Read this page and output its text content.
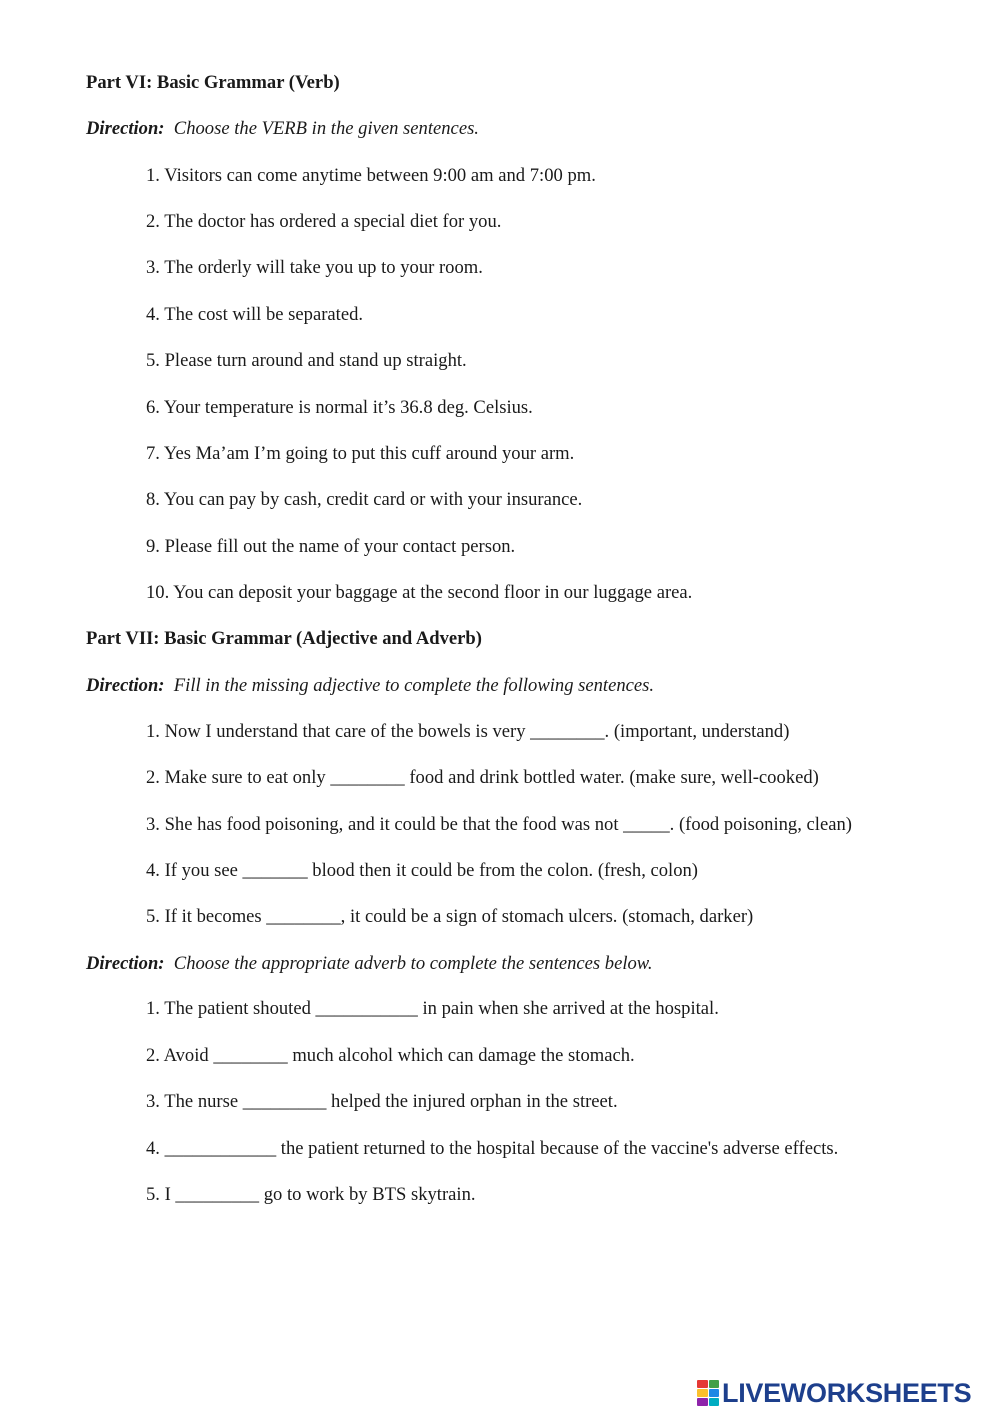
Part VI: Basic Grammar (Verb)
Direction: Choose the VERB in the given sentences.
1. Visitors can come anytime between 9:00 am and 7:00 pm.
2. The doctor has ordered a special diet for you.
3. The orderly will take you up to your room.
4. The cost will be separated.
5. Please turn around and stand up straight.
6. Your temperature is normal it’s 36.8 deg. Celsius.
7. Yes Ma’am I’m going to put this cuff around your arm.
8. You can pay by cash, credit card or with your insurance.
9. Please fill out the name of your contact person.
10. You can deposit your baggage at the second floor in our luggage area.
Part VII: Basic Grammar (Adjective and Adverb)
Direction: Fill in the missing adjective to complete the following sentences.
1. Now I understand that care of the bowels is very ________. (important, understand)
2. Make sure to eat only ________ food and drink bottled water. (make sure, well-cooked)
3. She has food poisoning, and it could be that the food was not _____. (food poisoning, clean)
4. If you see _______ blood then it could be from the colon. (fresh, colon)
5. If it becomes ________, it could be a sign of stomach ulcers. (stomach, darker)
Direction: Choose the appropriate adverb to complete the sentences below.
1. The patient shouted ___________ in pain when she arrived at the hospital.
2. Avoid ________ much alcohol which can damage the stomach.
3. The nurse _________ helped the injured orphan in the street.
4. ____________ the patient returned to the hospital because of the vaccine's adverse effects.
5. I _________ go to work by BTS skytrain.
LIVEWORKSHEETS
